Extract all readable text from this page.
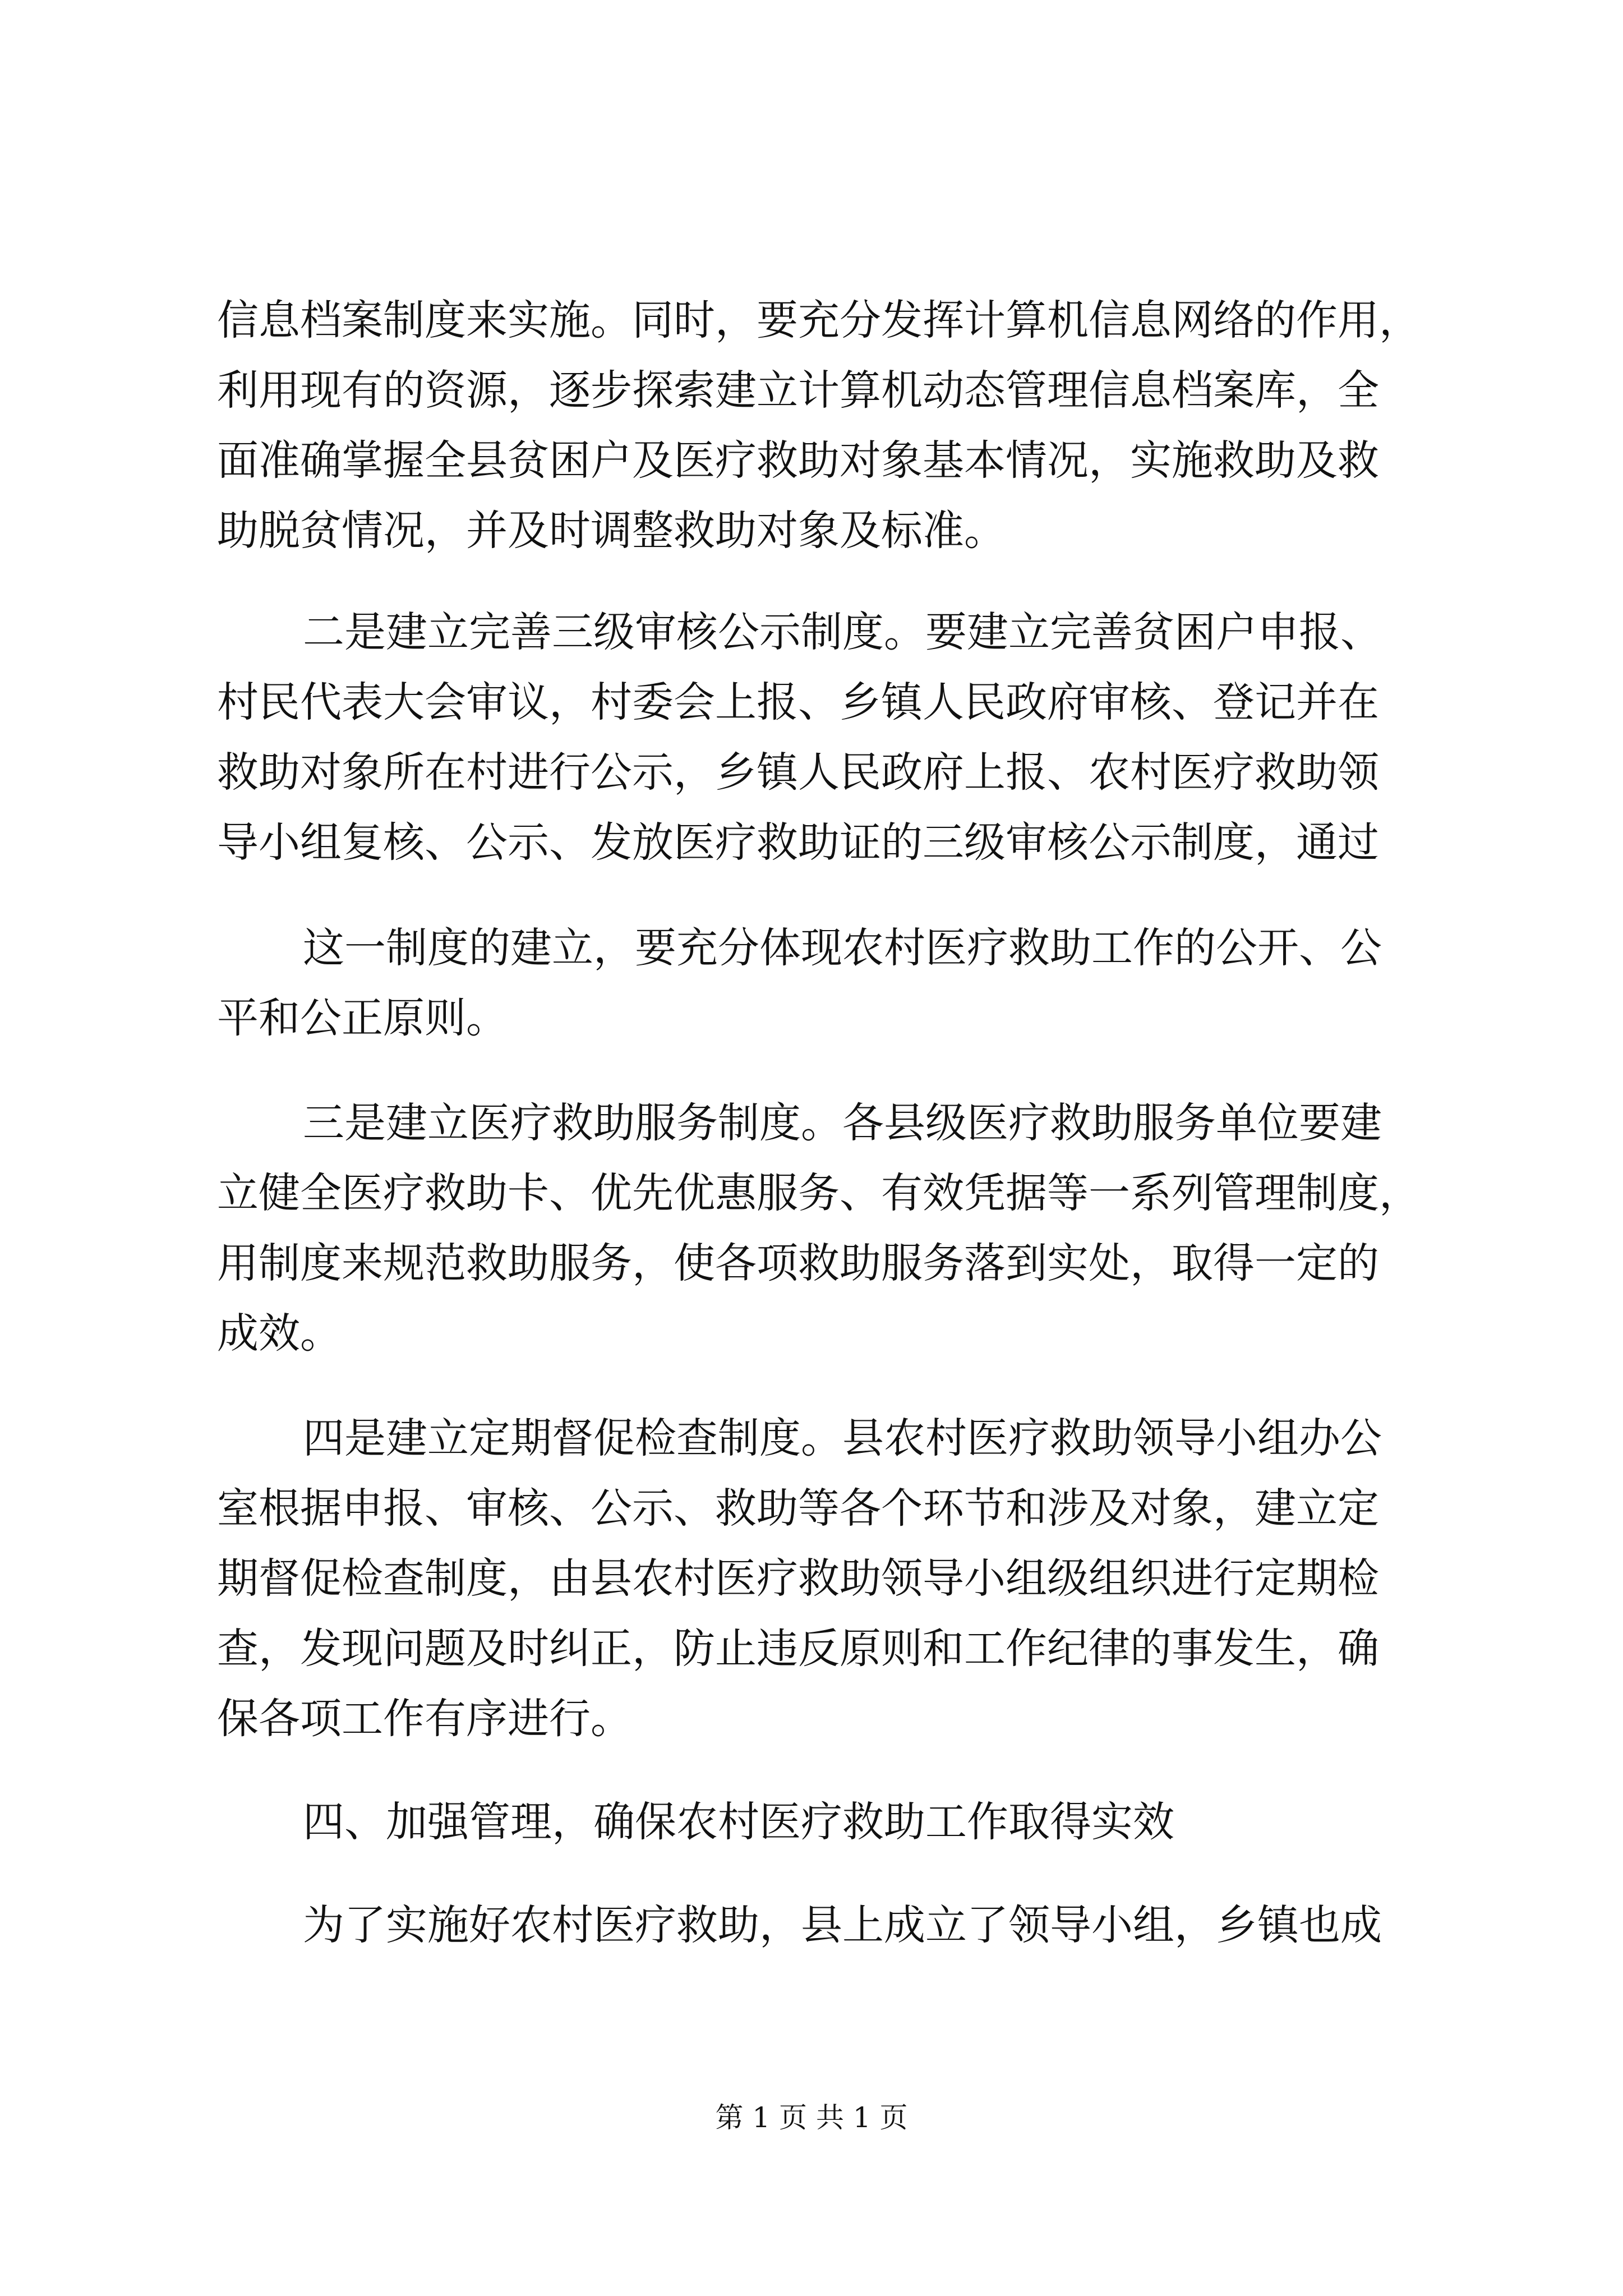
信息档案制度来实施。同时，要充分发挥计算机信息网络的作用，
利用现有的资源，逐步探索建立计算机动态管理信息档案库，全
面准确掌握全县贫困户及医疗救助对象基本情况，实施救助及救
助脱贫情况，并及时调整救助对象及标准。
二是建立完善三级审核公示制度。要建立完善贫困户申报、
村民代表大会审议，村委会上报、乡镇人民政府审核、登记并在
救助对象所在村进行公示，乡镇人民政府上报、农村医疗救助领
导小组复核、公示、发放医疗救助证的三级审核公示制度，通过
这一制度的建立，要充分体现农村医疗救助工作的公开、公
平和公正原则。
三是建立医疗救助服务制度。各县级医疗救助服务单位要建
立健全医疗救助卡、优先优惠服务、有效凭据等一系列管理制度，
用制度来规范救助服务，使各项救助服务落到实处，取得一定的
成效。
四是建立定期督促检查制度。县农村医疗救助领导小组办公
室根据申报、审核、公示、救助等各个环节和涉及对象，建立定
期督促检查制度，由县农村医疗救助领导小组级组织进行定期检
查，发现问题及时纠正，防止违反原则和工作纪律的事发生，确
保各项工作有序进行。
四、加强管理，确保农村医疗救助工作取得实效
为了实施好农村医疗救助，县上成立了领导小组，乡镇也成
第 1 页 共 1 页
